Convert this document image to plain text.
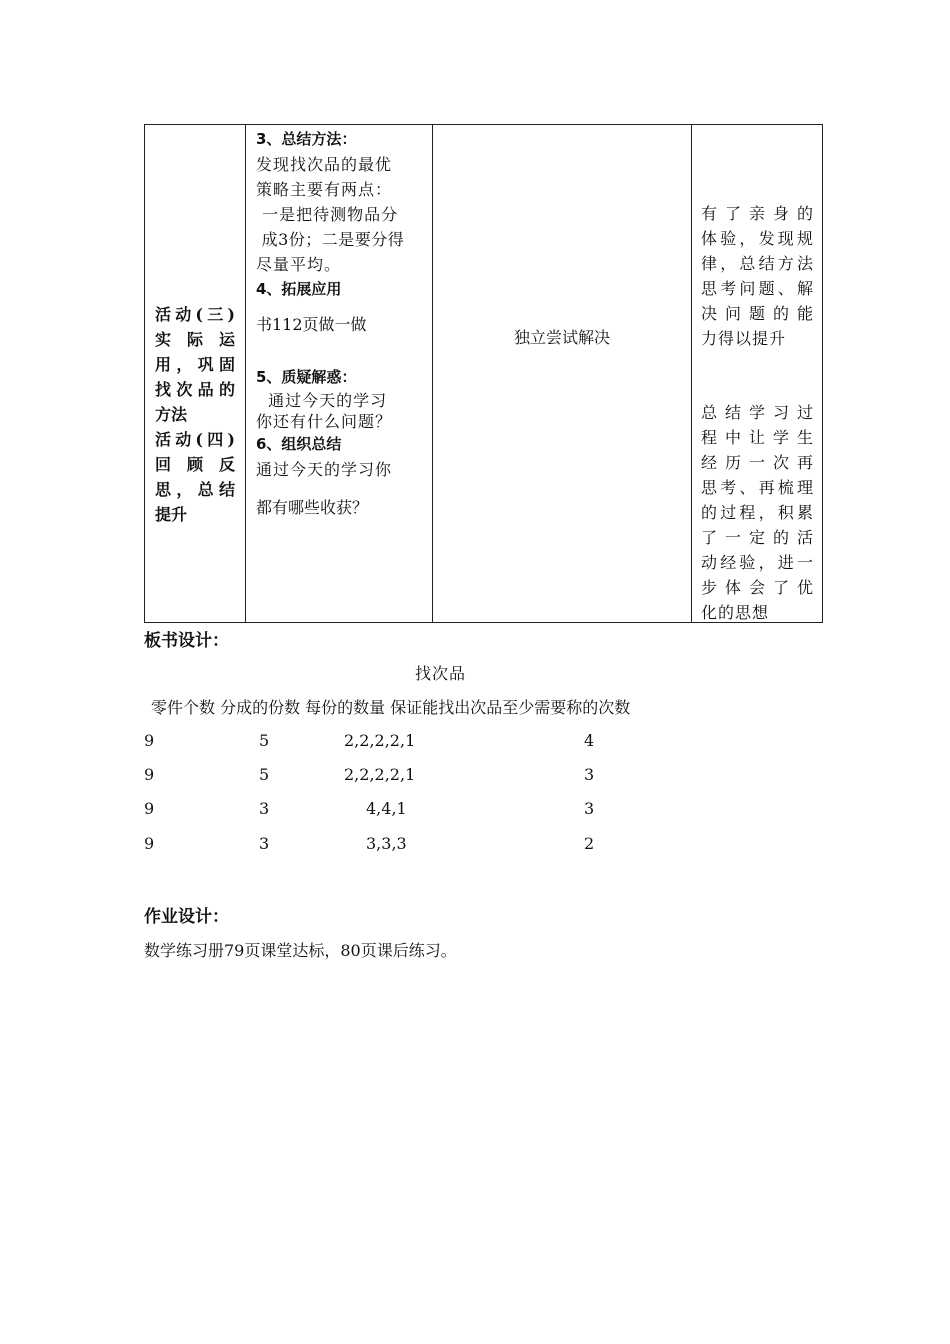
活动(三)
实际运
用，巩固
找次品的
方法
活动(四)
回顾反
思，总结
提升

3、总结方法：
发现找次品的最优
策略主要有两点：
一是把待测物品分
成3份；二是要分得
尽量平均。
4、拓展应用
书112页做一做
5、质疑解惑：
通过今天的学习
你还有什么问题？
6、组织总结
通过今天的学习你
都有哪些收获？

独立尝试解决

有了亲身的
体验，发现规
律，总结方法
思考问题、解
决问题的能
力得以提升
总结学习过
程中让学生
经历一次再
思考、再梳理
的过程，积累
了一定的活
动经验，进一
步体会了优
化的思想
板书设计：
找次品
零件个数 分成的份数 每份的数量 保证能找出次品至少需要称的次数
9	5	2,2,2,2,1	4
9	5	2,2,2,2,1	3
9	3	4,4,1	3
9	3	3,3,3	2
作业设计：
数学练习册79页课堂达标，80页课后练习。
